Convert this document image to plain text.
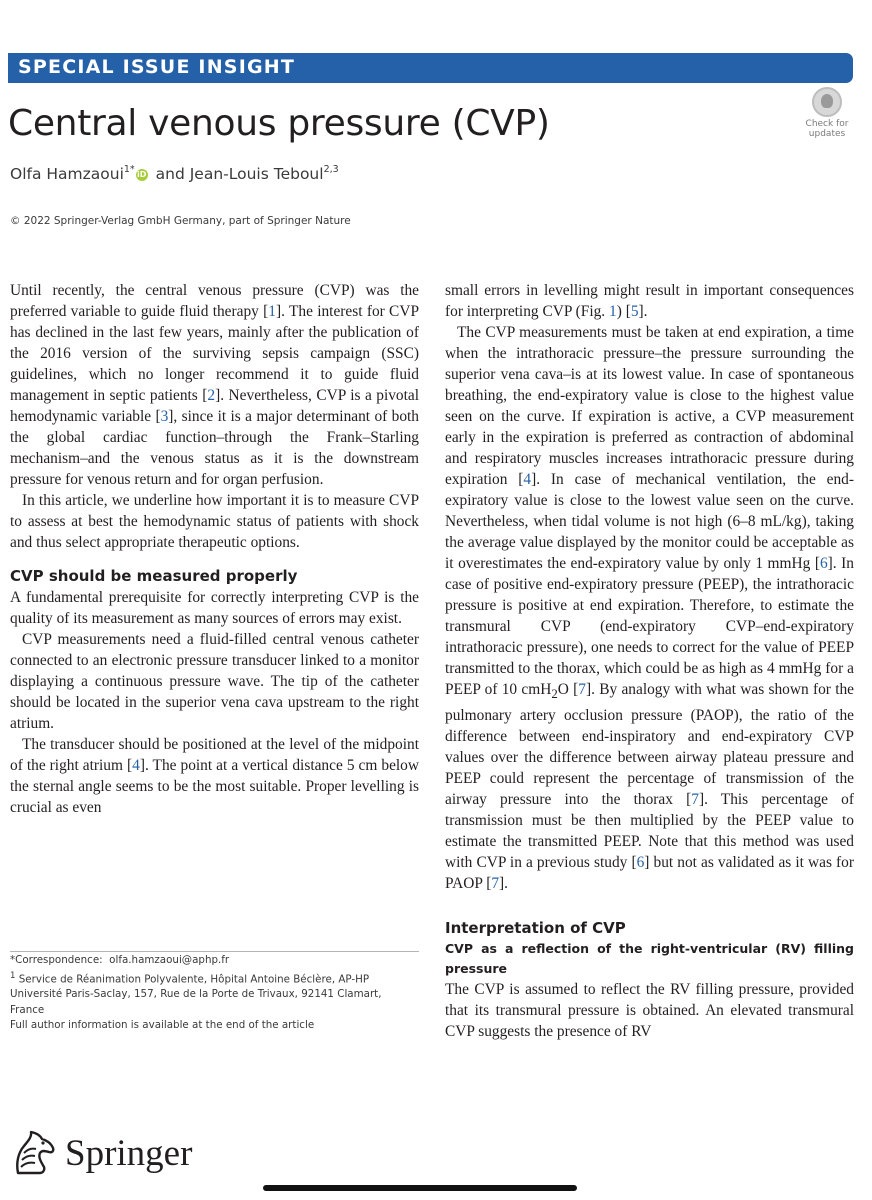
SPECIAL ISSUE INSIGHT
Central venous pressure (CVP)	Check for
updates
Olfa Hamzaoui$^{1*}$ iD and Jean-Louis Teboul$^{2,3}$
© 2022 Springer-Verlag GmbH Germany, part of Springer Nature

Until recently, the central venous pressure (CVP) was the preferred variable to guide fluid therapy [1]. The interest for CVP has declined in the last few years, mainly after the publication of the 2016 version of the surviving sepsis campaign (SSC) guidelines, which no longer recommend it to guide fluid management in septic patients [2]. Nevertheless, CVP is a pivotal hemodynamic variable [3], since it is a major determinant of both the global cardiac function–through the Frank–Starling mechanism–and the venous status as it is the downstream pressure for venous return and for organ perfusion.

In this article, we underline how important it is to measure CVP to assess at best the hemodynamic status of patients with shock and thus select appropriate therapeutic options.

CVP should be measured properly

A fundamental prerequisite for correctly interpreting CVP is the quality of its measurement as many sources of errors may exist.

CVP measurements need a fluid-filled central venous catheter connected to an electronic pressure transducer linked to a monitor displaying a continuous pressure wave. The tip of the catheter should be located in the superior vena cava upstream to the right atrium.

The transducer should be positioned at the level of the midpoint of the right atrium [4]. The point at a vertical distance 5 cm below the sternal angle seems to be the most suitable. Proper levelling is crucial as even

small errors in levelling might result in important consequences for interpreting CVP (Fig. 1) [5].

The CVP measurements must be taken at end expiration, a time when the intrathoracic pressure–the pressure surrounding the superior vena cava–is at its lowest value. In case of spontaneous breathing, the end-expiratory value is close to the highest value seen on the curve. If expiration is active, a CVP measurement early in the expiration is preferred as contraction of abdominal and respiratory muscles increases intrathoracic pressure during expiration [4]. In case of mechanical ventilation, the end-expiratory value is close to the lowest value seen on the curve. Nevertheless, when tidal volume is not high (6–8 mL/kg), taking the average value displayed by the monitor could be acceptable as it overestimates the end-expiratory value by only 1 mmHg [6]. In case of positive end-expiratory pressure (PEEP), the intrathoracic pressure is positive at end expiration. Therefore, to estimate the transmural CVP (end-expiratory CVP–end-expiratory intrathoracic pressure), one needs to correct for the value of PEEP transmitted to the thorax, which could be as high as 4 mmHg for a PEEP of 10 cmH$_2$O [7]. By analogy with what was shown for the pulmonary artery occlusion pressure (PAOP), the ratio of the difference between end-inspiratory and end-expiratory CVP values over the difference between airway plateau pressure and PEEP could represent the percentage of transmission of the airway pressure into the thorax [7]. This percentage of transmission must be then multiplied by the PEEP value to estimate the transmitted PEEP. Note that this method was used with CVP in a previous study [6] but not as validated as it was for PAOP [7].

Interpretation of CVP
CVP as a reflection of the right-ventricular (RV) filling pressure

The CVP is assumed to reflect the RV filling pressure, provided that its transmural pressure is obtained. An elevated transmural CVP suggests the presence of RV

*Correspondence: olfa.hamzaoui@aphp.fr
$^1$ Service de Réanimation Polyvalente, Hôpital Antoine Béclère, AP-HP
Université Paris-Saclay, 157, Rue de la Porte de Trivaux, 92141 Clamart,
France
Full author information is available at the end of the article
Springer
